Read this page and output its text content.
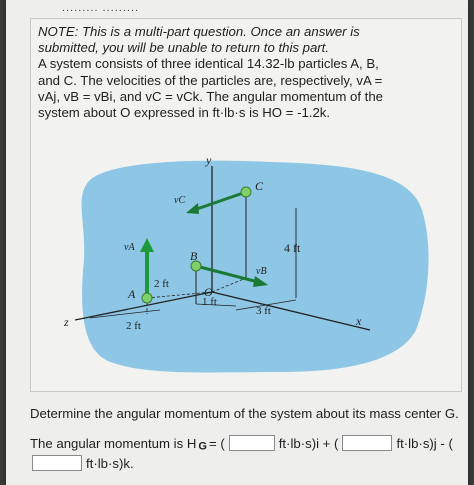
......... .........
NOTE: This is a multi-part question. Once an answer is
submitted, you will be unable to return to this part.
A system consists of three identical 14.32-lb particles A, B,
and C. The velocities of the particles are, respectively, vA =
vAj, vB = vBi, and vC = vCk. The angular momentum of the
system about O expressed in ft·lb·s is HO = -1.2k.
y
C
vC
vA
B
vB
4 ft
2 ft
A	O
1 ft
3 ft
x
z	2 ft
Determine the angular momentum of the system about its mass center G.
The angular momentum is H $_G$ = (	ft·lb·s)i + (	ft·lb·s)j - (
ft·lb·s)k.
